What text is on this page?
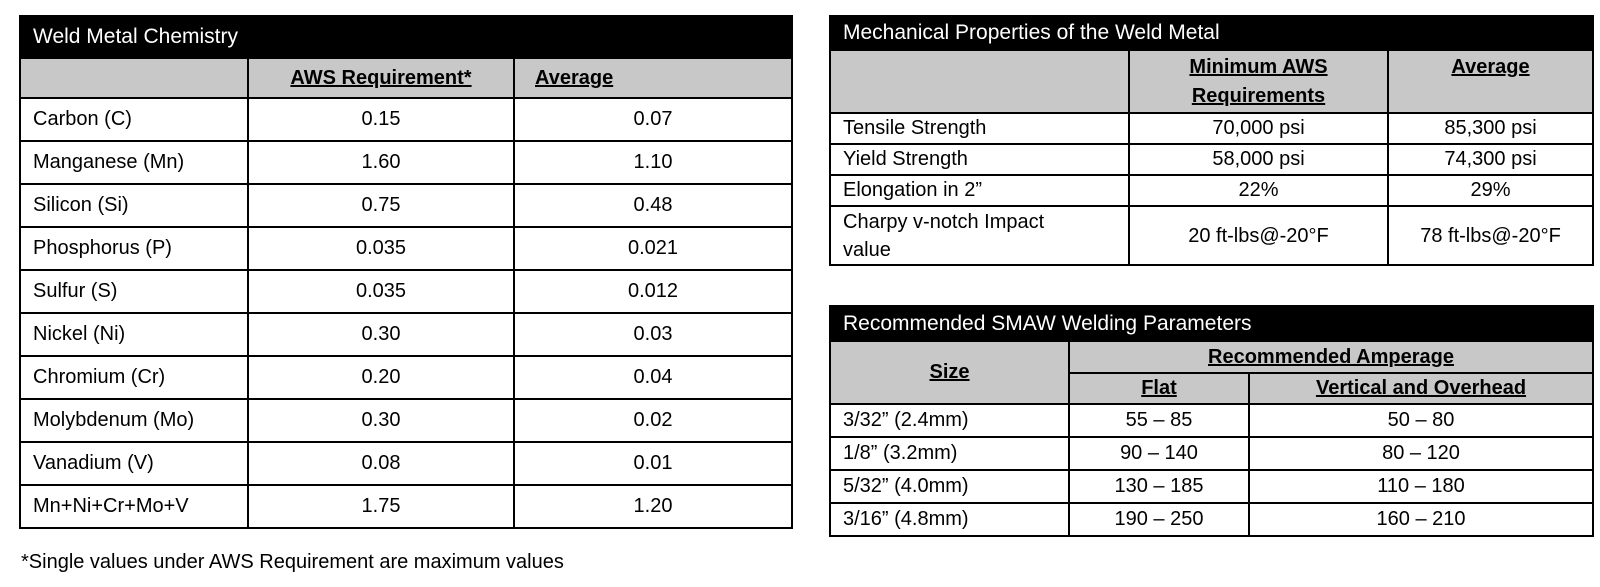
Weld Metal Chemistry		
	AWS Requirement*	Average
Carbon (C)	0.15	0.07
Manganese (Mn)	1.60	1.10
Silicon (Si)	0.75	0.48
Phosphorus (P)	0.035	0.021
Sulfur (S)	0.035	0.012
Nickel (Ni)	0.30	0.03
Chromium (Cr)	0.20	0.04
Molybdenum (Mo)	0.30	0.02
Vanadium (V)	0.08	0.01
Mn+Ni+Cr+Mo+V	1.75	1.20
*Single values under AWS Requirement are maximum values
Mechanical Properties of the Weld Metal		
	Minimum AWS Requirements	Average
Tensile Strength	70,000 psi	85,300 psi
Yield Strength	58,000 psi	74,300 psi
Elongation in 2”	22%	29%
Charpy v-notch Impact value	20 ft-lbs@-20°F	78 ft-lbs@-20°F
Recommended SMAW Welding Parameters		
Size	Recommended Amperage	
	Flat	Vertical and Overhead
3/32” (2.4mm)	55 – 85	50 – 80
1/8” (3.2mm)	90 – 140	80 – 120
5/32” (4.0mm)	130 – 185	110 – 180
3/16” (4.8mm)	190 – 250	160 – 210
